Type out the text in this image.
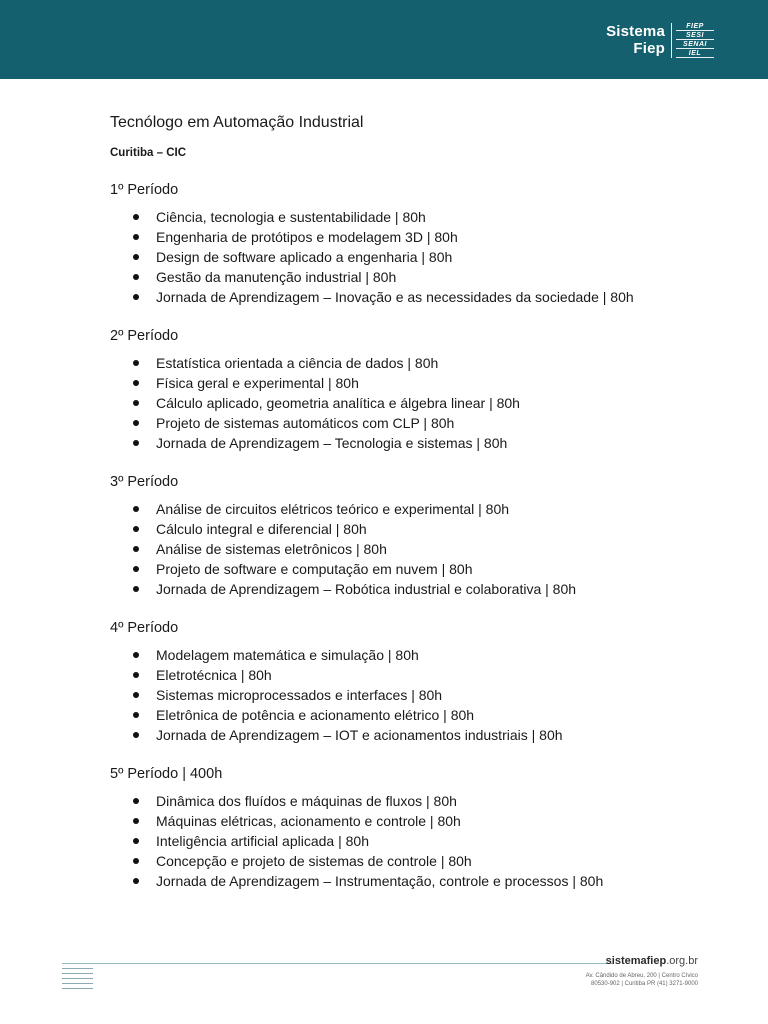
Sistema
Fiep
FIEP
SESI
SENAI
IEL
Tecnólogo em Automação Industrial
Curitiba – CIC
1º Período
Ciência, tecnologia e sustentabilidade | 80h
Engenharia de protótipos e modelagem 3D | 80h
Design de software aplicado a engenharia | 80h
Gestão da manutenção industrial | 80h
Jornada de Aprendizagem – Inovação e as necessidades da sociedade | 80h
2º Período
Estatística orientada a ciência de dados | 80h
Física geral e experimental | 80h
Cálculo aplicado, geometria analítica e álgebra linear | 80h
Projeto de sistemas automáticos com CLP | 80h
Jornada de Aprendizagem – Tecnologia e sistemas | 80h
3º Período
Análise de circuitos elétricos teórico e experimental | 80h
Cálculo integral e diferencial | 80h
Análise de sistemas eletrônicos | 80h
Projeto de software e computação em nuvem | 80h
Jornada de Aprendizagem – Robótica industrial e colaborativa | 80h
4º Período
Modelagem matemática e simulação | 80h
Eletrotécnica | 80h
Sistemas microprocessados e interfaces | 80h
Eletrônica de potência e acionamento elétrico | 80h
Jornada de Aprendizagem – IOT e acionamentos industriais | 80h
5º Período | 400h
Dinâmica dos fluídos e máquinas de fluxos | 80h
Máquinas elétricas, acionamento e controle | 80h
Inteligência artificial aplicada | 80h
Concepção e projeto de sistemas de controle | 80h
Jornada de Aprendizagem – Instrumentação, controle e processos | 80h
sistemafiep.org.br
Av. Cândido de Abreu, 200 | Centro Cívico
80530-902 | Curitiba PR (41) 3271-9000
